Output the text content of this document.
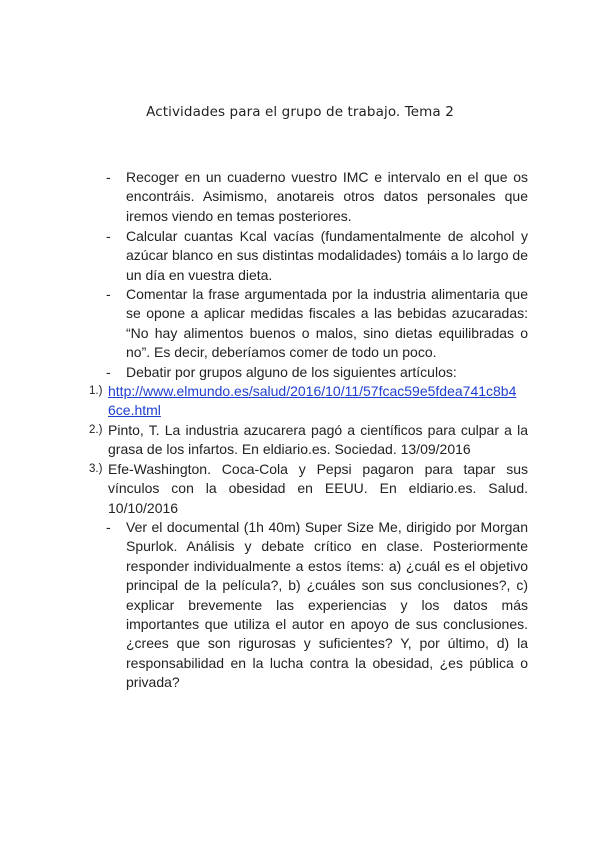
Actividades para el grupo de trabajo. Tema 2
- Recoger en un cuaderno vuestro IMC e intervalo en el que os encontráis. Asimismo, anotareis otros datos personales que iremos viendo en temas posteriores.
- Calcular cuantas Kcal vacías (fundamentalmente de alcohol y azúcar blanco en sus distintas modalidades) tomáis a lo largo de un día en vuestra dieta.
- Comentar la frase argumentada por la industria alimentaria que se opone a aplicar medidas fiscales a las bebidas azucaradas: “No hay alimentos buenos o malos, sino dietas equilibradas o no”. Es decir, deberíamos comer de todo un poco.
- Debatir por grupos alguno de los siguientes artículos:
1.) http://www.elmundo.es/salud/2016/10/11/57fcac59e5fdea741c8b4
6ce.html
2.) Pinto, T. La industria azucarera pagó a científicos para culpar a la grasa de los infartos. En eldiario.es. Sociedad. 13/09/2016
3.) Efe-Washington. Coca-Cola y Pepsi pagaron para tapar sus vínculos con la obesidad en EEUU. En eldiario.es. Salud. 10/10/2016
- Ver el documental (1h 40m) Super Size Me, dirigido por Morgan Spurlok. Análisis y debate crítico en clase. Posteriormente responder individualmente a estos ítems: a) ¿cuál es el objetivo principal de la película?, b) ¿cuáles son sus conclusiones?, c) explicar brevemente las experiencias y los datos más importantes que utiliza el autor en apoyo de sus conclusiones. ¿crees que son rigurosas y suficientes? Y, por último, d) la responsabilidad en la lucha contra la obesidad, ¿es pública o privada?
